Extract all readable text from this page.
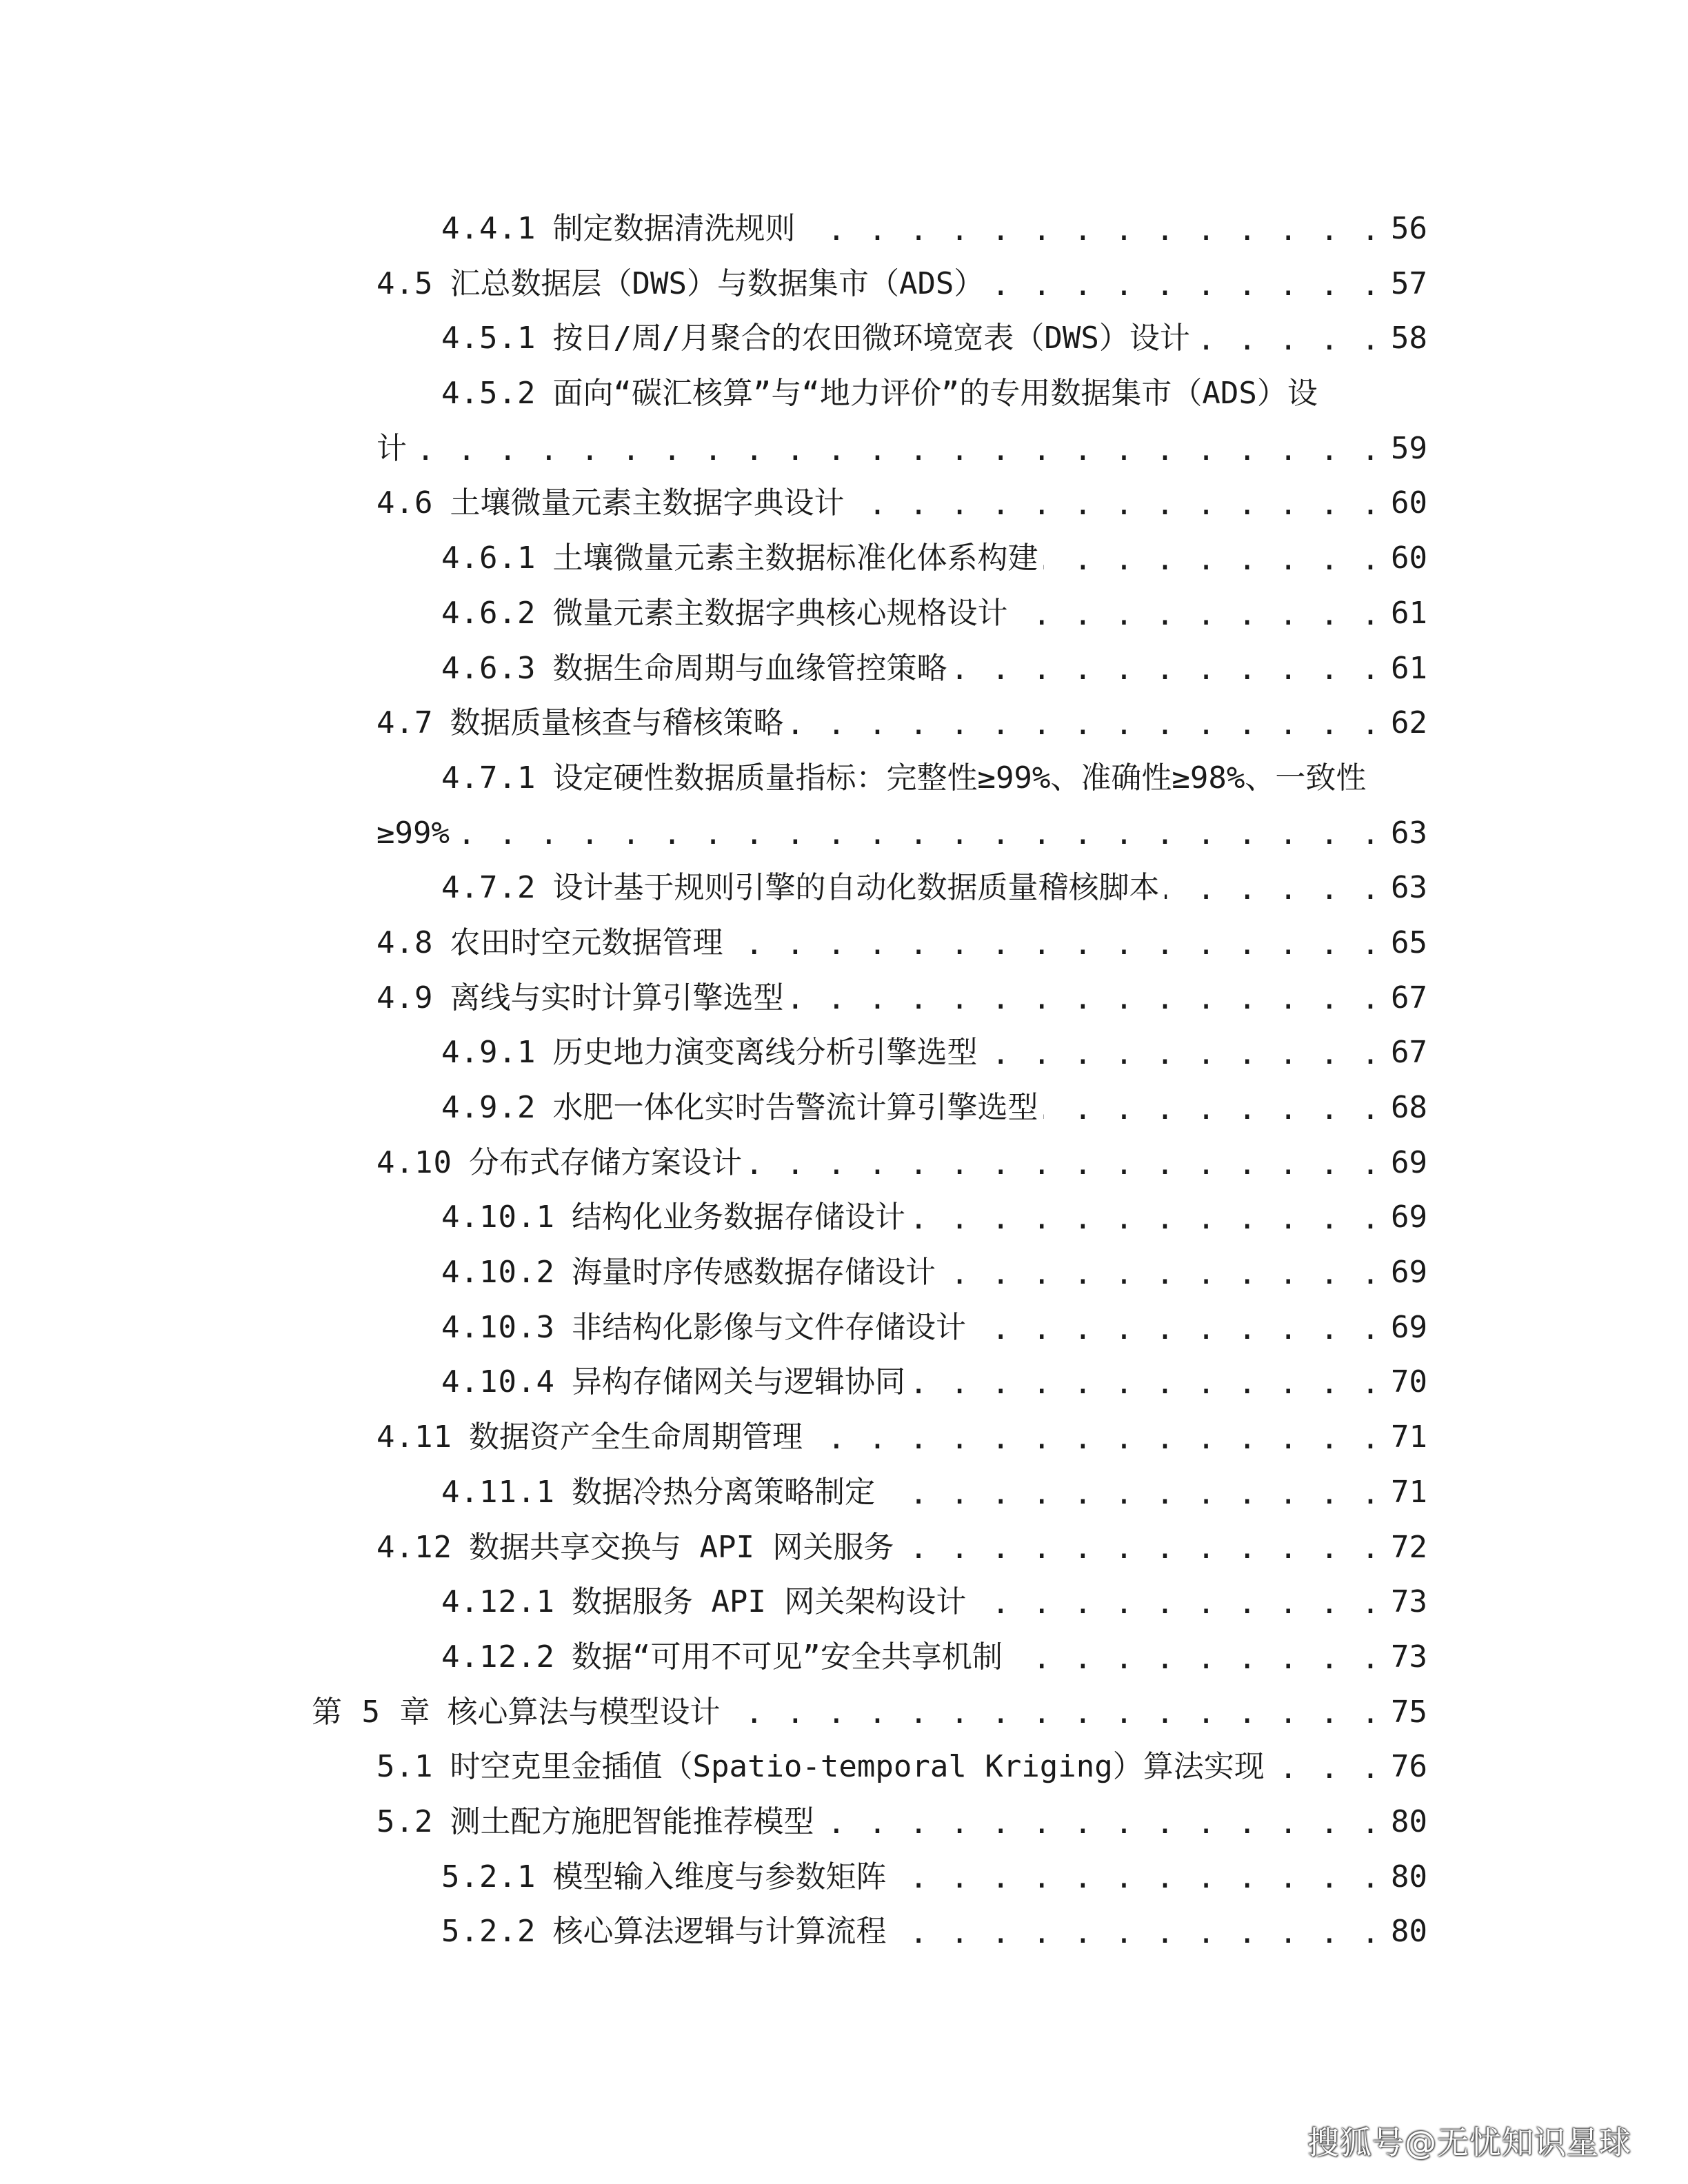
4.4.1 制定数据清洗规则 . . .	56
4.5 汇总数据层（DWS）与数据集市（ADS） . . .	57
4.5.1 按日/周/月聚合的农田微环境宽表（DWS）设计 . . .	58
4.5.2 面向“碳汇核算”与“地力评价”的专用数据集市（ADS）设
计 . . .	59
4.6 土壤微量元素主数据字典设计 . . .	60
4.6.1 土壤微量元素主数据标准化体系构建 . . .	60
4.6.2 微量元素主数据字典核心规格设计 . . .	61
4.6.3 数据生命周期与血缘管控策略 . . .	61
4.7 数据质量核查与稽核策略 . . .	62
4.7.1 设定硬性数据质量指标：完整性≥99%、准确性≥98%、一致性
≥99% . . .	63
4.7.2 设计基于规则引擎的自动化数据质量稽核脚本 . . .	63
4.8 农田时空元数据管理 . . .	65
4.9 离线与实时计算引擎选型 . . .	67
4.9.1 历史地力演变离线分析引擎选型 . . .	67
4.9.2 水肥一体化实时告警流计算引擎选型 . . .	68
4.10 分布式存储方案设计 . . .	69
4.10.1 结构化业务数据存储设计 . . .	69
4.10.2 海量时序传感数据存储设计 . . .	69
4.10.3 非结构化影像与文件存储设计 . . .	69
4.10.4 异构存储网关与逻辑协同 . . .	70
4.11 数据资产全生命周期管理 . . .	71
4.11.1 数据冷热分离策略制定 . . .	71
4.12 数据共享交换与 API 网关服务 . . .	72
4.12.1 数据服务 API 网关架构设计 . . .	73
4.12.2 数据“可用不可见”安全共享机制 . . .	73
第 5 章 核心算法与模型设计 . . .	75
5.1 时空克里金插值（Spatio-temporal Kriging）算法实现 . . .	76
5.2 测土配方施肥智能推荐模型 . . .	80
5.2.1 模型输入维度与参数矩阵 . . .	80
5.2.2 核心算法逻辑与计算流程 . . .	80
搜狐号@无忧知识星球
